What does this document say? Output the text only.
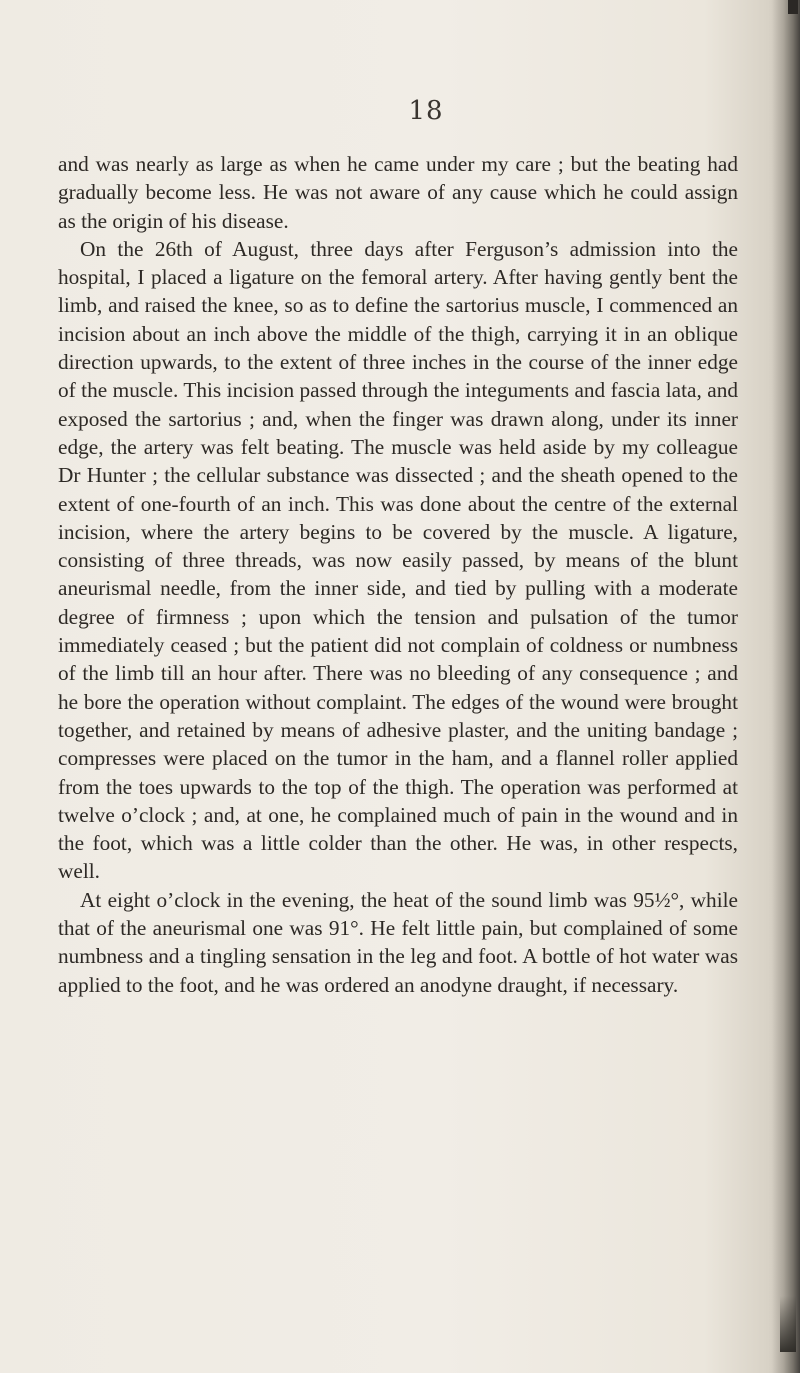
18

and was nearly as large as when he came under my care ; but the beating had gradually become less. He was not aware of any cause which he could assign as the origin of his disease.

On the 26th of August, three days after Ferguson’s admission into the hospital, I placed a ligature on the femoral artery. After having gently bent the limb, and raised the knee, so as to define the sartorius muscle, I commenced an incision about an inch above the middle of the thigh, carrying it in an oblique direction upwards, to the extent of three inches in the course of the inner edge of the muscle. This incision passed through the integuments and fascia lata, and exposed the sartorius ; and, when the finger was drawn along, under its inner edge, the artery was felt beating. The muscle was held aside by my colleague Dr Hunter ; the cellular substance was dissected ; and the sheath opened to the extent of one-fourth of an inch. This was done about the centre of the external incision, where the artery begins to be covered by the muscle. A ligature, consisting of three threads, was now easily passed, by means of the blunt aneurismal needle, from the inner side, and tied by pulling with a moderate degree of firmness ; upon which the tension and pulsation of the tumor immediately ceased ; but the patient did not complain of coldness or numbness of the limb till an hour after. There was no bleeding of any consequence ; and he bore the operation without complaint. The edges of the wound were brought together, and retained by means of adhesive plaster, and the uniting bandage ; compresses were placed on the tumor in the ham, and a flannel roller applied from the toes upwards to the top of the thigh. The operation was performed at twelve o’clock ; and, at one, he complained much of pain in the wound and in the foot, which was a little colder than the other. He was, in other respects, well.

At eight o’clock in the evening, the heat of the sound limb was 95½°, while that of the aneurismal one was 91°. He felt little pain, but complained of some numbness and a tingling sensation in the leg and foot. A bottle of hot water was applied to the foot, and he was ordered an anodyne draught, if necessary.
